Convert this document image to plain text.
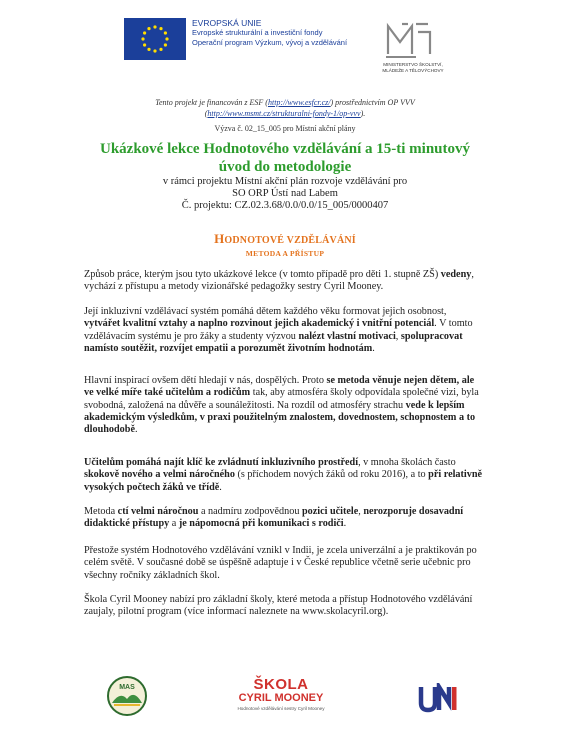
EVROPSKÁ UNIE
Evropské strukturální a investiční fondy
Operační program Výzkum, vývoj a vzdělávání
MINISTERSTVO ŠKOLSTVÍ,
MLÁDEŽE A TĚLOVÝCHOVY
Tento projekt je financován z ESF (http://www.esfcr.cz/) prostřednictvím OP VVV
(http://www.msmt.cz/strukturalni-fondy-1/op-vvv).
Výzva č. 02_15_005 pro Místní akční plány
Ukázkové lekce Hodnotového vzdělávání a 15-ti minutový
úvod do metodologie
v rámci projektu Místní akční plán rozvoje vzdělávání pro
SO ORP Ústí nad Labem
Č. projektu: CZ.02.3.68/0.0/0.0/15_005/0000407
HODNOTOVÉ VZDĚLÁVÁNÍ
METODA A PŘÍSTUP
Způsob práce, kterým jsou tyto ukázkové lekce (v tomto případě pro děti 1. stupně ZŠ) vedeny, vychází z přístupu a metody vizionářské pedagožky sestry Cyril Mooney.
Její inkluzivní vzdělávací systém pomáhá dětem každého věku formovat jejich osobnost, vytvářet kvalitní vztahy a naplno rozvinout jejich akademický i vnitřní potenciál. V tomto vzdělávacím systému je pro žáky a studenty výzvou nalézt vlastní motivaci, spolupracovat namísto soutěžit, rozvíjet empatii a porozumět životním hodnotám.
Hlavní inspirací ovšem dětí hledají v nás, dospělých. Proto se metoda věnuje nejen dětem, ale ve velké míře také učitelům a rodičům tak, aby atmosféra školy odpovídala společné vizi, byla svobodná, založená na důvěře a sounáležitosti. Na rozdíl od atmosféry strachu vede k lepším akademickým výsledkům, v praxi použitelným znalostem, dovednostem, schopnostem a to dlouhodobě.
Učitelům pomáhá najít klíč ke zvládnutí inkluzivního prostředí, v mnoha školách často skokově nového a velmi náročného (s příchodem nových žáků od roku 2016), a to při relativně vysokých počtech žáků ve třídě.
Metoda ctí velmi náročnou a nadmíru zodpovědnou pozici učitele, nerozporuje dosavadní didaktické přístupy a je nápomocná při komunikaci s rodiči.
Přestože systém Hodnotového vzdělávání vznikl v Indii, je zcela univerzální a je praktikován po celém světě. V současné době se úspěšně adaptuje i v České republice včetně serie učebnic pro všechny ročníky základních škol.
Škola Cyril Mooney nabízí pro základní školy, které metoda a přístup Hodnotového vzdělávání zaujaly, pilotní program (více informací naleznete na www.skolacyril.org).
MAS	ŠKOLA
CYRIL MOONEY
Hodnotové vzdělávání sestry Cyril Mooney
